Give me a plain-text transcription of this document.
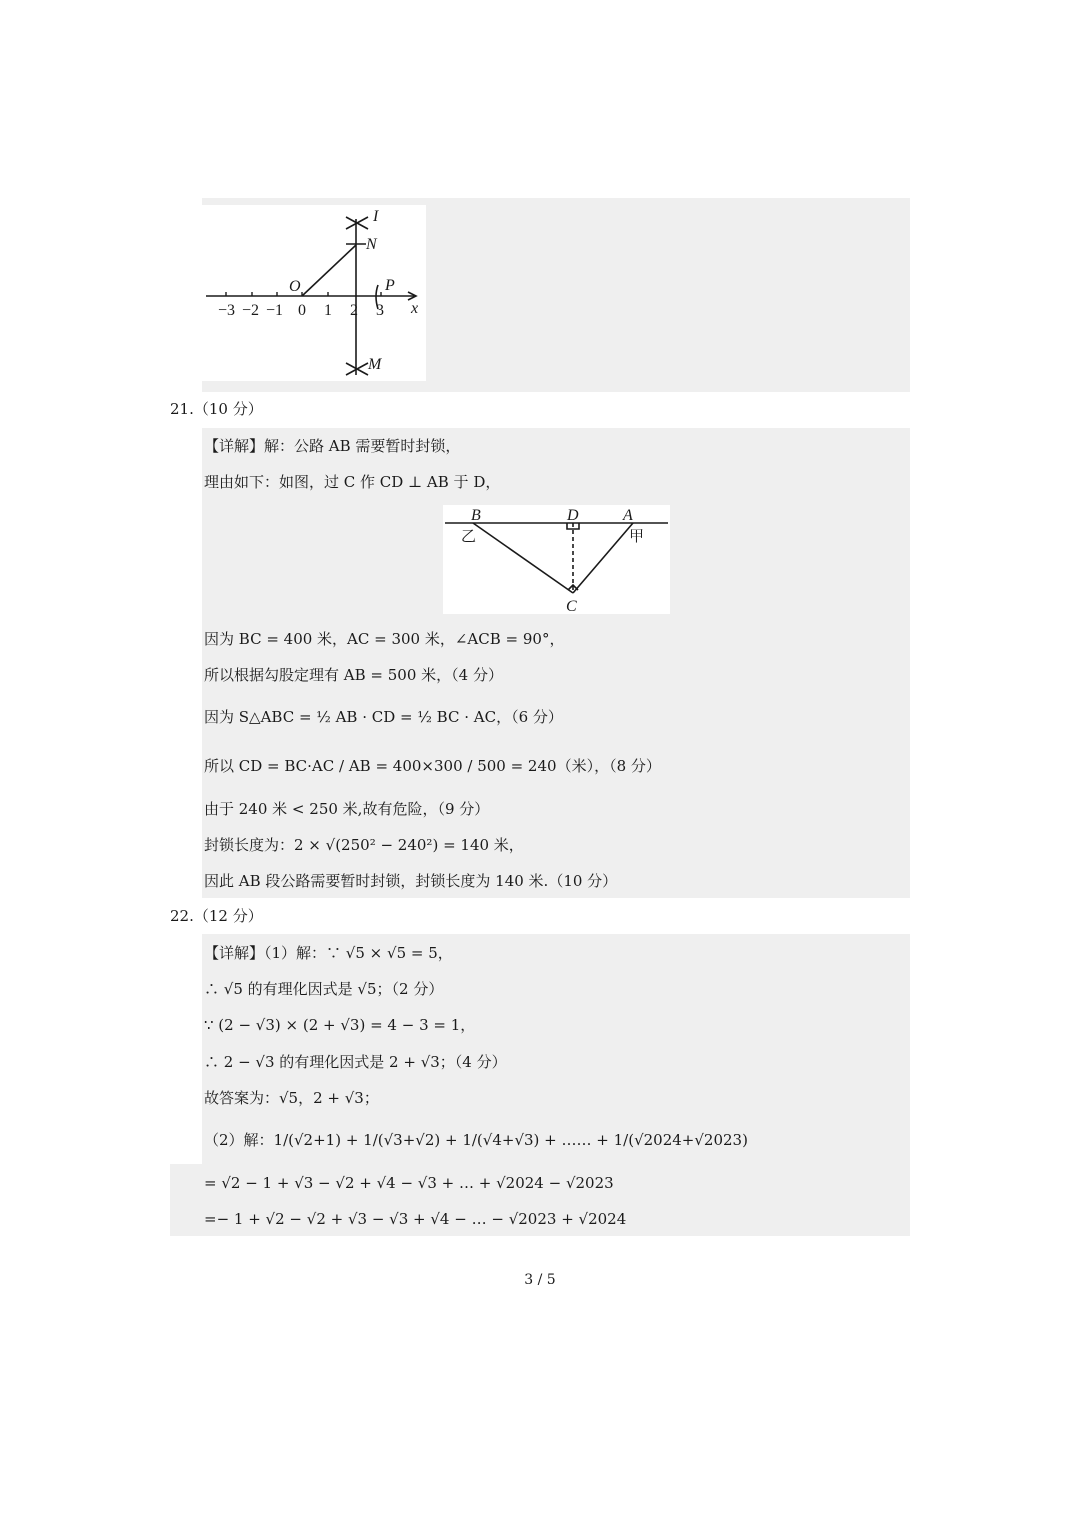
−3 −2 −1 0 1 2 3
I
N
O	P
M
x
21.（10 分）
【详解】解：公路 AB 需要暂时封锁，
理由如下：如图，过 C 作 CD ⊥ AB 于 D，
B	D	A
C
乙	甲
因为 BC = 400 米，AC = 300 米，∠ACB = 90°，
所以根据勾股定理有 AB = 500 米，（4 分）
因为 S△ABC = ½ AB · CD = ½ BC · AC，（6 分）
所以 CD = BC·AC / AB = 400×300 / 500 = 240（米），（8 分）
由于 240 米 < 250 米,故有危险，（9 分）
封锁长度为：2 × √(250² − 240²) = 140 米，
因此 AB 段公路需要暂时封锁，封锁长度为 140 米.（10 分）
22.（12 分）
【详解】（1）解：∵ √5 × √5 = 5，
∴ √5 的有理化因式是 √5；（2 分）
∵ (2 − √3) × (2 + √3) = 4 − 3 = 1，
∴ 2 − √3 的有理化因式是 2 + √3；（4 分）
故答案为：√5，2 + √3；
（2）解：1/(√2+1) + 1/(√3+√2) + 1/(√4+√3) + …… + 1/(√2024+√2023)
= √2 − 1 + √3 − √2 + √4 − √3 + … + √2024 − √2023
=− 1 + √2 − √2 + √3 − √3 + √4 − … − √2023 + √2024
3 / 5
